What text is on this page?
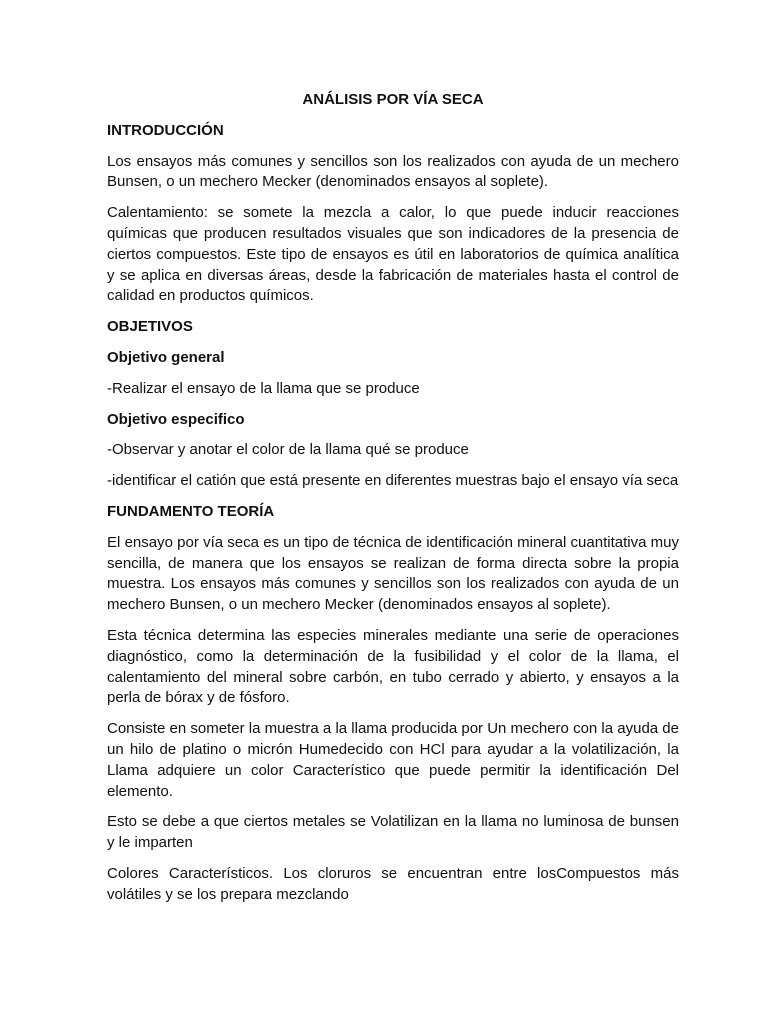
ANÁLISIS POR VÍA SECA
INTRODUCCIÓN

Los ensayos más comunes y sencillos son los realizados con ayuda de un mechero Bunsen, o un mechero Mecker (denominados ensayos al soplete).

Calentamiento: se somete la mezcla a calor, lo que puede inducir reacciones químicas que producen resultados visuales que son indicadores de la presencia de ciertos compuestos. Este tipo de ensayos es útil en laboratorios de química analítica y se aplica en diversas áreas, desde la fabricación de materiales hasta el control de calidad en productos químicos.

OBJETIVOS
Objetivo general

-Realizar el ensayo de la llama que se produce

Objetivo especifico

-Observar y anotar el color de la llama qué se produce

-identificar el catión que está presente en diferentes muestras bajo el ensayo vía seca

FUNDAMENTO TEORÍA

El ensayo por vía seca es un tipo de técnica de identificación mineral cuantitativa muy sencilla, de manera que los ensayos se realizan de forma directa sobre la propia muestra. Los ensayos más comunes y sencillos son los realizados con ayuda de un mechero Bunsen, o un mechero Mecker (denominados ensayos al soplete).

Esta técnica determina las especies minerales mediante una serie de operaciones diagnóstico, como la determinación de la fusibilidad y el color de la llama, el calentamiento del mineral sobre carbón, en tubo cerrado y abierto, y ensayos a la perla de bórax y de fósforo.

Consiste en someter la muestra a la llama producida por Un mechero con la ayuda de un hilo de platino o micrón Humedecido con HCl para ayudar a la volatilización, la Llama adquiere un color Característico que puede permitir la identificación Del elemento.

Esto se debe a que ciertos metales se Volatilizan en la llama no luminosa de bunsen y le imparten

Colores Característicos. Los cloruros se encuentran entre losCompuestos más volátiles y se los prepara mezclando
